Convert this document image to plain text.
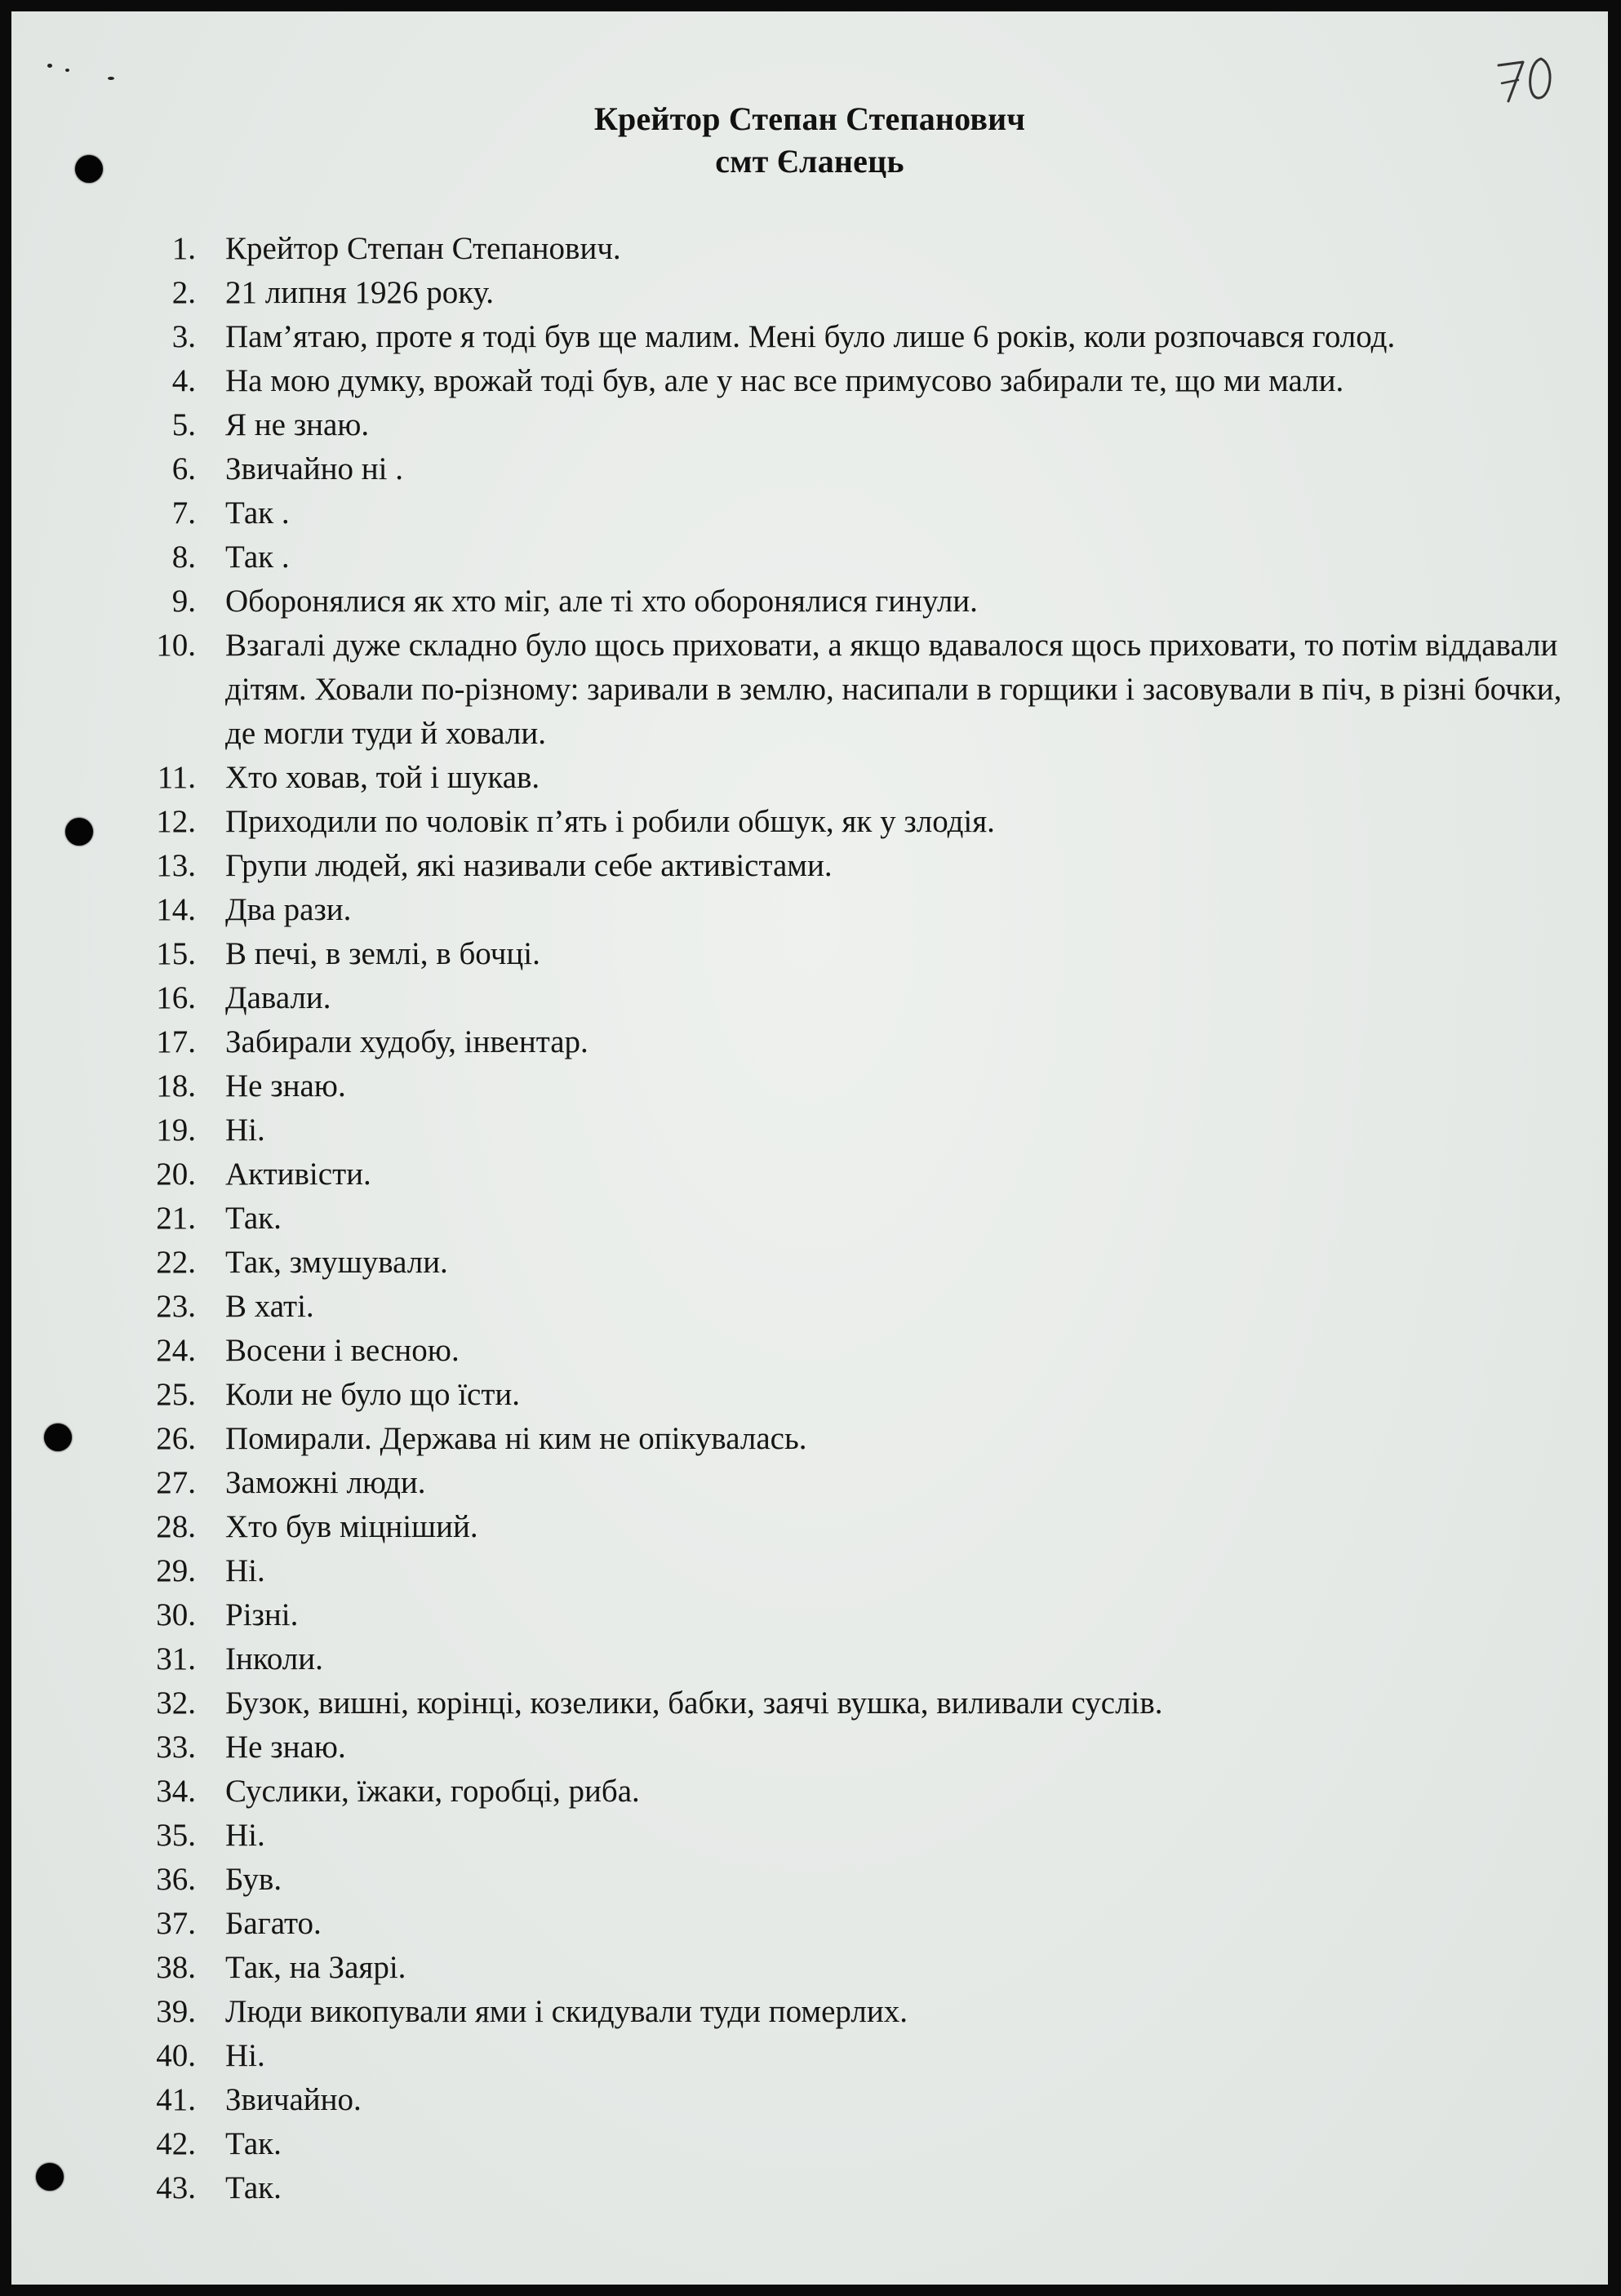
Крейтор Степан Степанович
смт Єланець
1. Крейтор Степан Степанович.
2. 21 липня 1926 року.
3. Пам’ятаю, проте я тоді був ще малим. Мені було лише 6 років, коли розпочався голод.
4. На мою думку, врожай тоді був, але у нас все примусово забирали те, що ми мали.
5. Я не знаю.
6. Звичайно ні .
7. Так .
8. Так .
9. Оборонялися як хто міг, але ті хто оборонялися гинули.
10. Взагалі дуже складно було щось приховати, а якщо вдавалося щось приховати, то потім віддавали дітям. Ховали по-різному: заривали в землю, насипали в горщики і засовували в піч, в різні бочки, де могли туди й ховали.
11. Хто ховав, той і шукав.
12. Приходили по чоловік п’ять і робили обшук, як у злодія.
13. Групи людей, які називали себе активістами.
14. Два рази.
15. В печі, в землі, в бочці.
16. Давали.
17. Забирали худобу, інвентар.
18. Не знаю.
19. Ні.
20. Активісти.
21. Так.
22. Так, змушували.
23. В хаті.
24. Восени і весною.
25. Коли не було що їсти.
26. Помирали. Держава ні ким не опікувалась.
27. Заможні люди.
28. Хто був міцніший.
29. Ні.
30. Різні.
31. Інколи.
32. Бузок, вишні, корінці, козелики, бабки, заячі вушка, виливали суслів.
33. Не знаю.
34. Суслики, їжаки, горобці, риба.
35. Ні.
36. Був.
37. Багато.
38. Так, на Заярі.
39. Люди викопували ями і скидували туди померлих.
40. Ні.
41. Звичайно.
42. Так.
43. Так.
